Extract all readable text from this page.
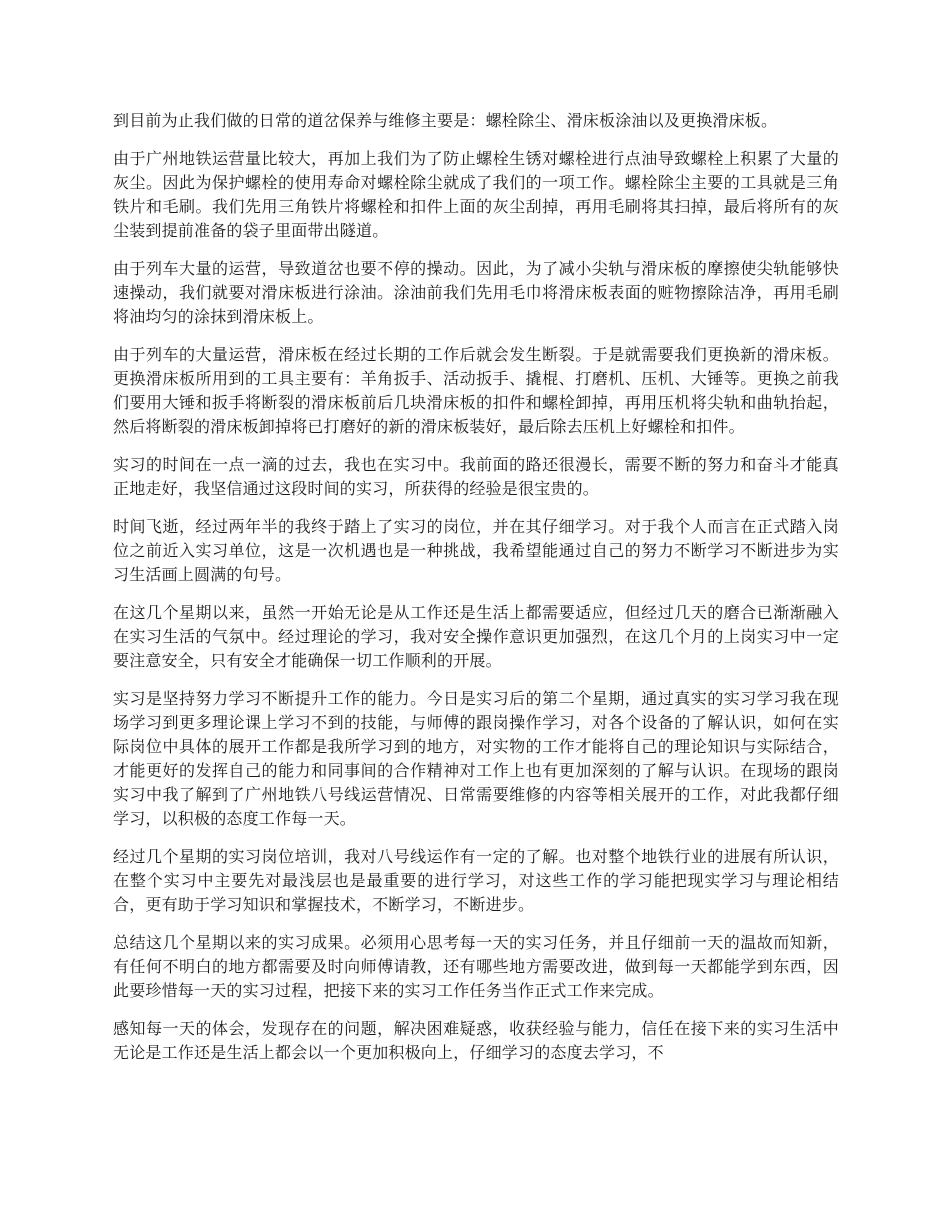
到目前为止我们做的日常的道岔保养与维修主要是：螺栓除尘、滑床板涂油以及更换滑床板。

由于广州地铁运营量比较大，再加上我们为了防止螺栓生锈对螺栓进行点油导致螺栓上积累了大量的灰尘。因此为保护螺栓的使用寿命对螺栓除尘就成了我们的一项工作。螺栓除尘主要的工具就是三角铁片和毛刷。我们先用三角铁片将螺栓和扣件上面的灰尘刮掉，再用毛刷将其扫掉，最后将所有的灰尘装到提前准备的袋子里面带出隧道。

由于列车大量的运营，导致道岔也要不停的操动。因此，为了减小尖轨与滑床板的摩擦使尖轨能够快速操动，我们就要对滑床板进行涂油。涂油前我们先用毛巾将滑床板表面的赃物擦除洁净，再用毛刷将油均匀的涂抹到滑床板上。

由于列车的大量运营，滑床板在经过长期的工作后就会发生断裂。于是就需要我们更换新的滑床板。更换滑床板所用到的工具主要有：羊角扳手、活动扳手、撬棍、打磨机、压机、大锤等。更换之前我们要用大锤和扳手将断裂的滑床板前后几块滑床板的扣件和螺栓卸掉，再用压机将尖轨和曲轨抬起，然后将断裂的滑床板卸掉将已打磨好的新的滑床板装好，最后除去压机上好螺栓和扣件。

实习的时间在一点一滴的过去，我也在实习中。我前面的路还很漫长，需要不断的努力和奋斗才能真正地走好，我坚信通过这段时间的实习，所获得的经验是很宝贵的。

时间飞逝，经过两年半的我终于踏上了实习的岗位，并在其仔细学习。对于我个人而言在正式踏入岗位之前近入实习单位，这是一次机遇也是一种挑战，我希望能通过自己的努力不断学习不断进步为实习生活画上圆满的句号。

在这几个星期以来，虽然一开始无论是从工作还是生活上都需要适应，但经过几天的磨合已渐渐融入在实习生活的气氛中。经过理论的学习，我对安全操作意识更加强烈，在这几个月的上岗实习中一定要注意安全，只有安全才能确保一切工作顺利的开展。

实习是坚持努力学习不断提升工作的能力。今日是实习后的第二个星期，通过真实的实习学习我在现场学习到更多理论课上学习不到的技能，与师傅的跟岗操作学习，对各个设备的了解认识，如何在实际岗位中具体的展开工作都是我所学习到的地方，对实物的工作才能将自己的理论知识与实际结合，才能更好的发挥自己的能力和同事间的合作精神对工作上也有更加深刻的了解与认识。在现场的跟岗实习中我了解到了广州地铁八号线运营情况、日常需要维修的内容等相关展开的工作，对此我都仔细学习，以积极的态度工作每一天。

经过几个星期的实习岗位培训，我对八号线运作有一定的了解。也对整个地铁行业的进展有所认识，在整个实习中主要先对最浅层也是最重要的进行学习，对这些工作的学习能把现实学习与理论相结合，更有助于学习知识和掌握技术，不断学习，不断进步。

总结这几个星期以来的实习成果。必须用心思考每一天的实习任务，并且仔细前一天的温故而知新，有任何不明白的地方都需要及时向师傅请教，还有哪些地方需要改进，做到每一天都能学到东西，因此要珍惜每一天的实习过程，把接下来的实习工作任务当作正式工作来完成。

感知每一天的体会，发现存在的问题，解决困难疑惑，收获经验与能力，信任在接下来的实习生活中无论是工作还是生活上都会以一个更加积极向上，仔细学习的态度去学习，不
